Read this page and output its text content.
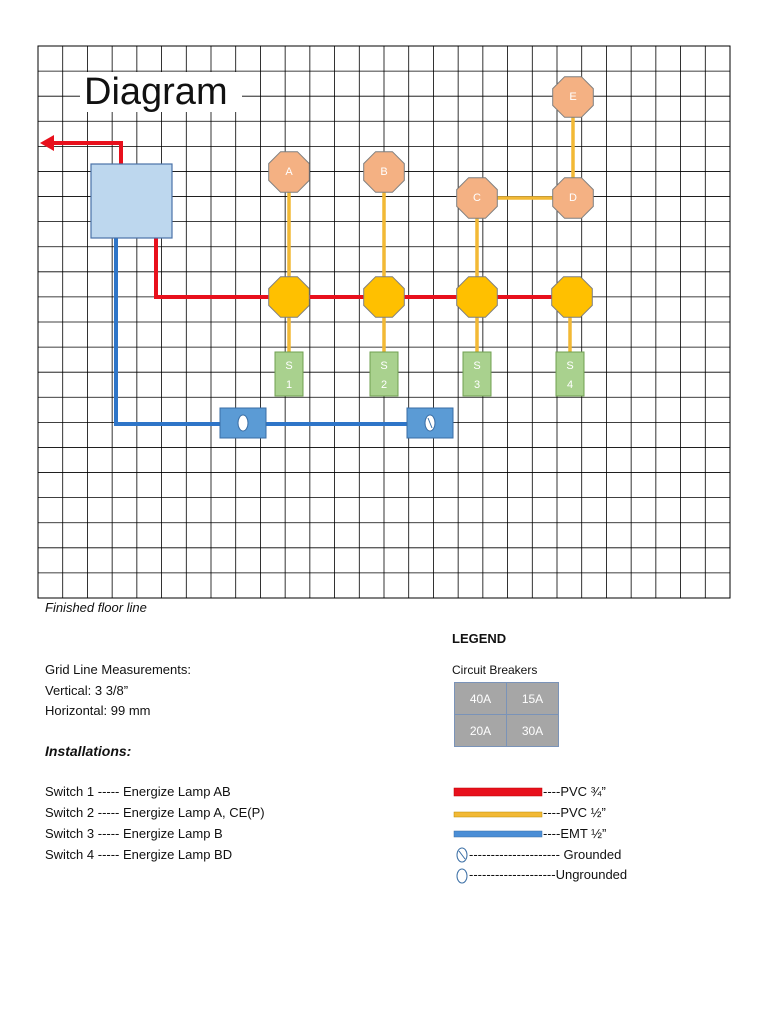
A	B
C	D
E
S
1
S
2
S
3
S
4
Diagram
Finished floor line
Grid Line Measurements:
Vertical: 3 3/8”
Horizontal: 99 mm
Installations:
Switch 1 ----- Energize Lamp AB
Switch 2 ----- Energize Lamp A, CE(P)
Switch 3 ----- Energize Lamp B
Switch 4 ----- Energize Lamp BD
LEGEND
Circuit Breakers
40A	15A
20A	30A
----PVC ¾”
----PVC ½”
----EMT ½”
--------------------- Grounded
--------------------Ungrounded
